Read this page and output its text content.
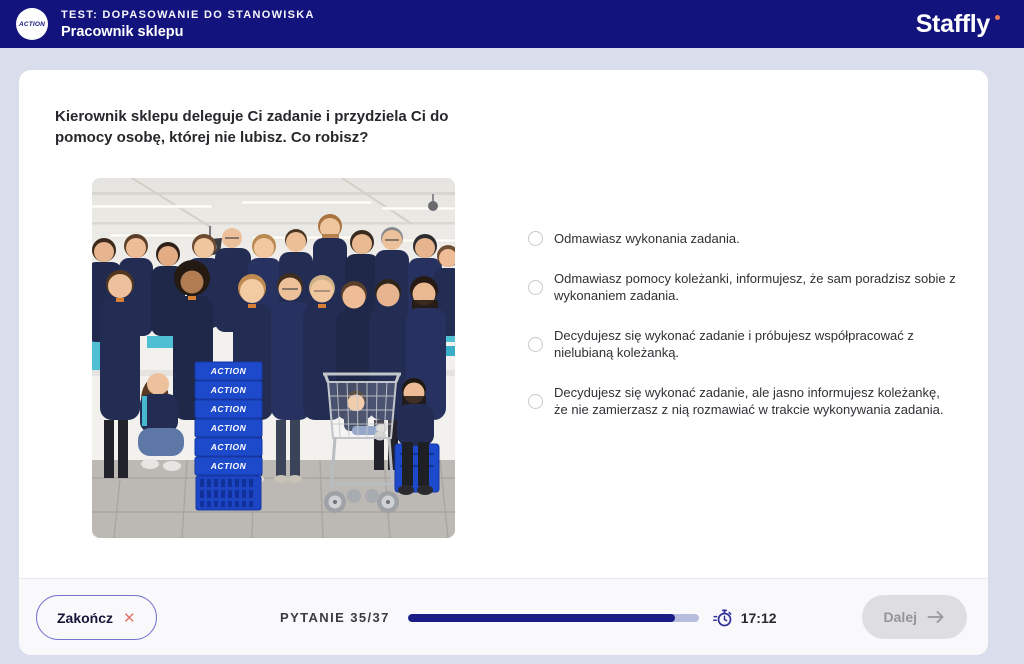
ACTION
TEST: DOPASOWANIE DO STANOWISKA
Pracownik sklepu	Staffly
Kierownik sklepu deleguje Ci zadanie i przydziela Ci do pomocy osobę, której nie lubisz. Co robisz?
ACTION
ACTION
ACTION
ACTION
ACTION
ACTION
Odmawiasz wykonania zadania.
Odmawiasz pomocy koleżanki, informujesz, że sam poradzisz sobie z wykonaniem zadania.
Decydujesz się wykonać zadanie i próbujesz współpracować z nielubianą koleżanką.
Decydujesz się wykonać zadanie, ale jasno informujesz koleżankę, że nie zamierzasz z nią rozmawiać w trakcie wykonywania zadania.
Zakończ ✕	PYTANIE 35/37	17:12	Dalej
